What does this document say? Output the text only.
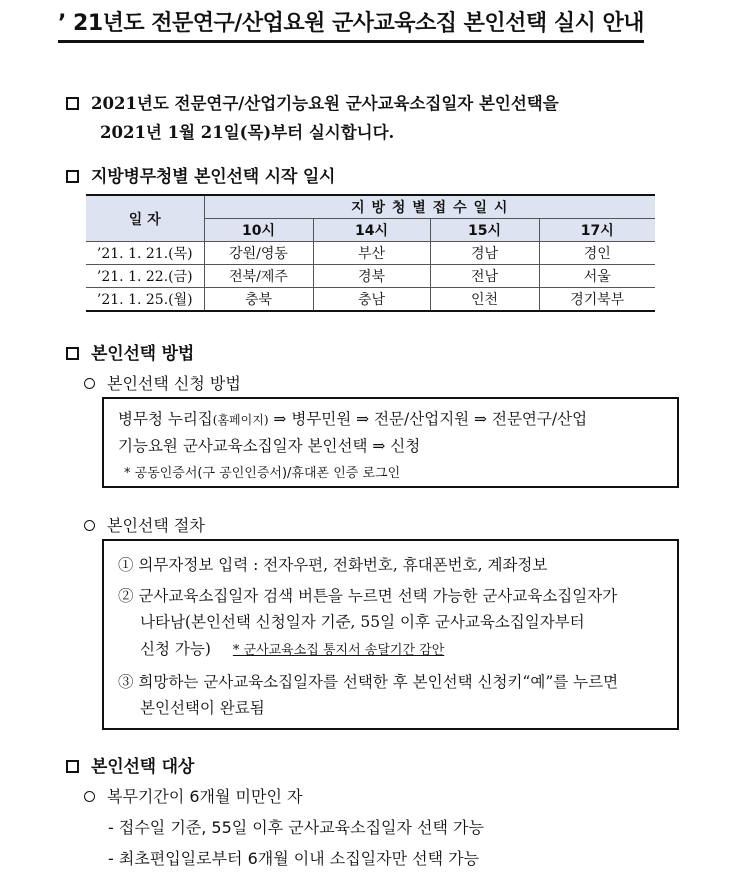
’ 21년도 전문연구/산업요원 군사교육소집 본인선택 실시 안내
2021년도 전문연구/산업기능요원 군사교육소집일자 본인선택을
2021년 1월 21일(목)부터 실시합니다.
지방병무청별 본인선택 시작 일시
일 자	지 방 청 별 접 수 일 시			
	10시	14시	15시	17시
’21. 1. 21.(목)	강원/영동	부산	경남	경인
’21. 1. 22.(금)	전북/제주	경북	전남	서울
’21. 1. 25.(월)	충북	충남	인천	경기북부
본인선택 방법
본인선택 신청 방법
병무청 누리집(홈페이지) ⇒ 병무민원 ⇒ 전문/산업지원 ⇒ 전문연구/산업
기능요원 군사교육소집일자 본인선택 ⇒ 신청
* 공동인증서(구 공인인증서)/휴대폰 인증 로그인
본인선택 절차
① 의무자정보 입력 : 전자우편, 전화번호, 휴대폰번호, 계좌정보
② 군사교육소집일자 검색 버튼을 누르면 선택 가능한 군사교육소집일자가
나타남(본인선택 신청일자 기준, 55일 이후 군사교육소집일자부터
신청 가능) * 군사교육소집 통지서 송달기간 감안
③ 희망하는 군사교육소집일자를 선택한 후 본인선택 신청키“예”를 누르면
본인선택이 완료됨
본인선택 대상
복무기간이 6개월 미만인 자
- 접수일 기준, 55일 이후 군사교육소집일자 선택 가능
- 최초편입일로부터 6개월 이내 소집일자만 선택 가능
